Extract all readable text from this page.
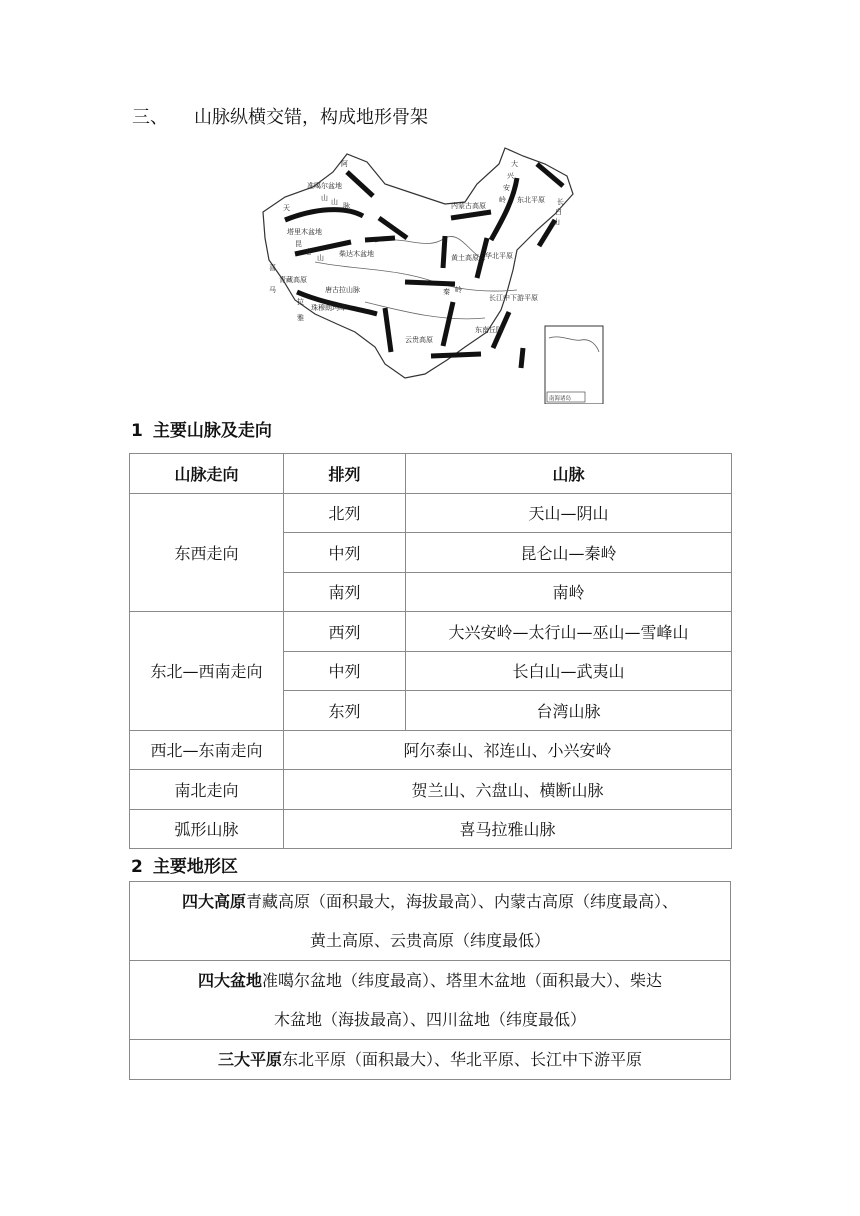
三、 山脉纵横交错，构成地形骨架
阿
准噶尔盆地
天
山 山 脉
塔里木盆地
柴达木盆地
青藏高原
昆
仑
山
秦 岭
唐古拉山脉
喜
马
拉
珠穆朗玛峰
雅
云贵高原
大
兴
安
岭 东北平原 长
白
山
内蒙古高原
黄土高原 华北平原
东南丘陵
长江中下游平原
南海诸岛
1 主要山脉及走向
山脉走向	排列	山脉
东西走向	北列	天山—阴山
	中列	昆仑山—秦岭
	南列	南岭
东北—西南走向	西列	大兴安岭—太行山—巫山—雪峰山
	中列	长白山—武夷山
	东列	台湾山脉
西北—东南走向	阿尔泰山、祁连山、小兴安岭	
南北走向	贺兰山、六盘山、横断山脉	
弧形山脉	喜马拉雅山脉	
2 主要地形区
四大高原青藏高原（面积最大，海拔最高）、内蒙古高原（纬度最高）、
黄土高原、云贵高原（纬度最低）
四大盆地准噶尔盆地（纬度最高）、塔里木盆地（面积最大）、柴达
木盆地（海拔最高）、四川盆地（纬度最低）
三大平原东北平原（面积最大）、华北平原、长江中下游平原
